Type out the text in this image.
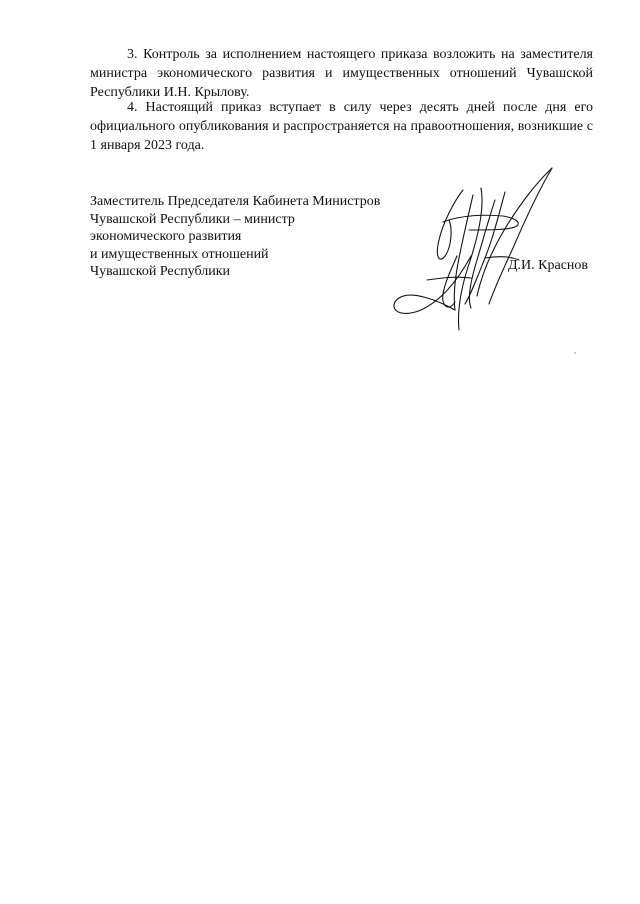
3. Контроль за исполнением настоящего приказа возложить на заместителя министра экономического развития и имущественных отношений Чувашской Республики И.Н. Крылову.

4. Настоящий приказ вступает в силу через десять дней после дня его официального опубликования и распространяется на правоотношения, возникшие с 1 января 2023 года.

Заместитель Председателя Кабинета Министров
Чувашской Республики – министр
экономического развития
и имущественных отношений
Чувашской Республики	Д.И. Краснов
